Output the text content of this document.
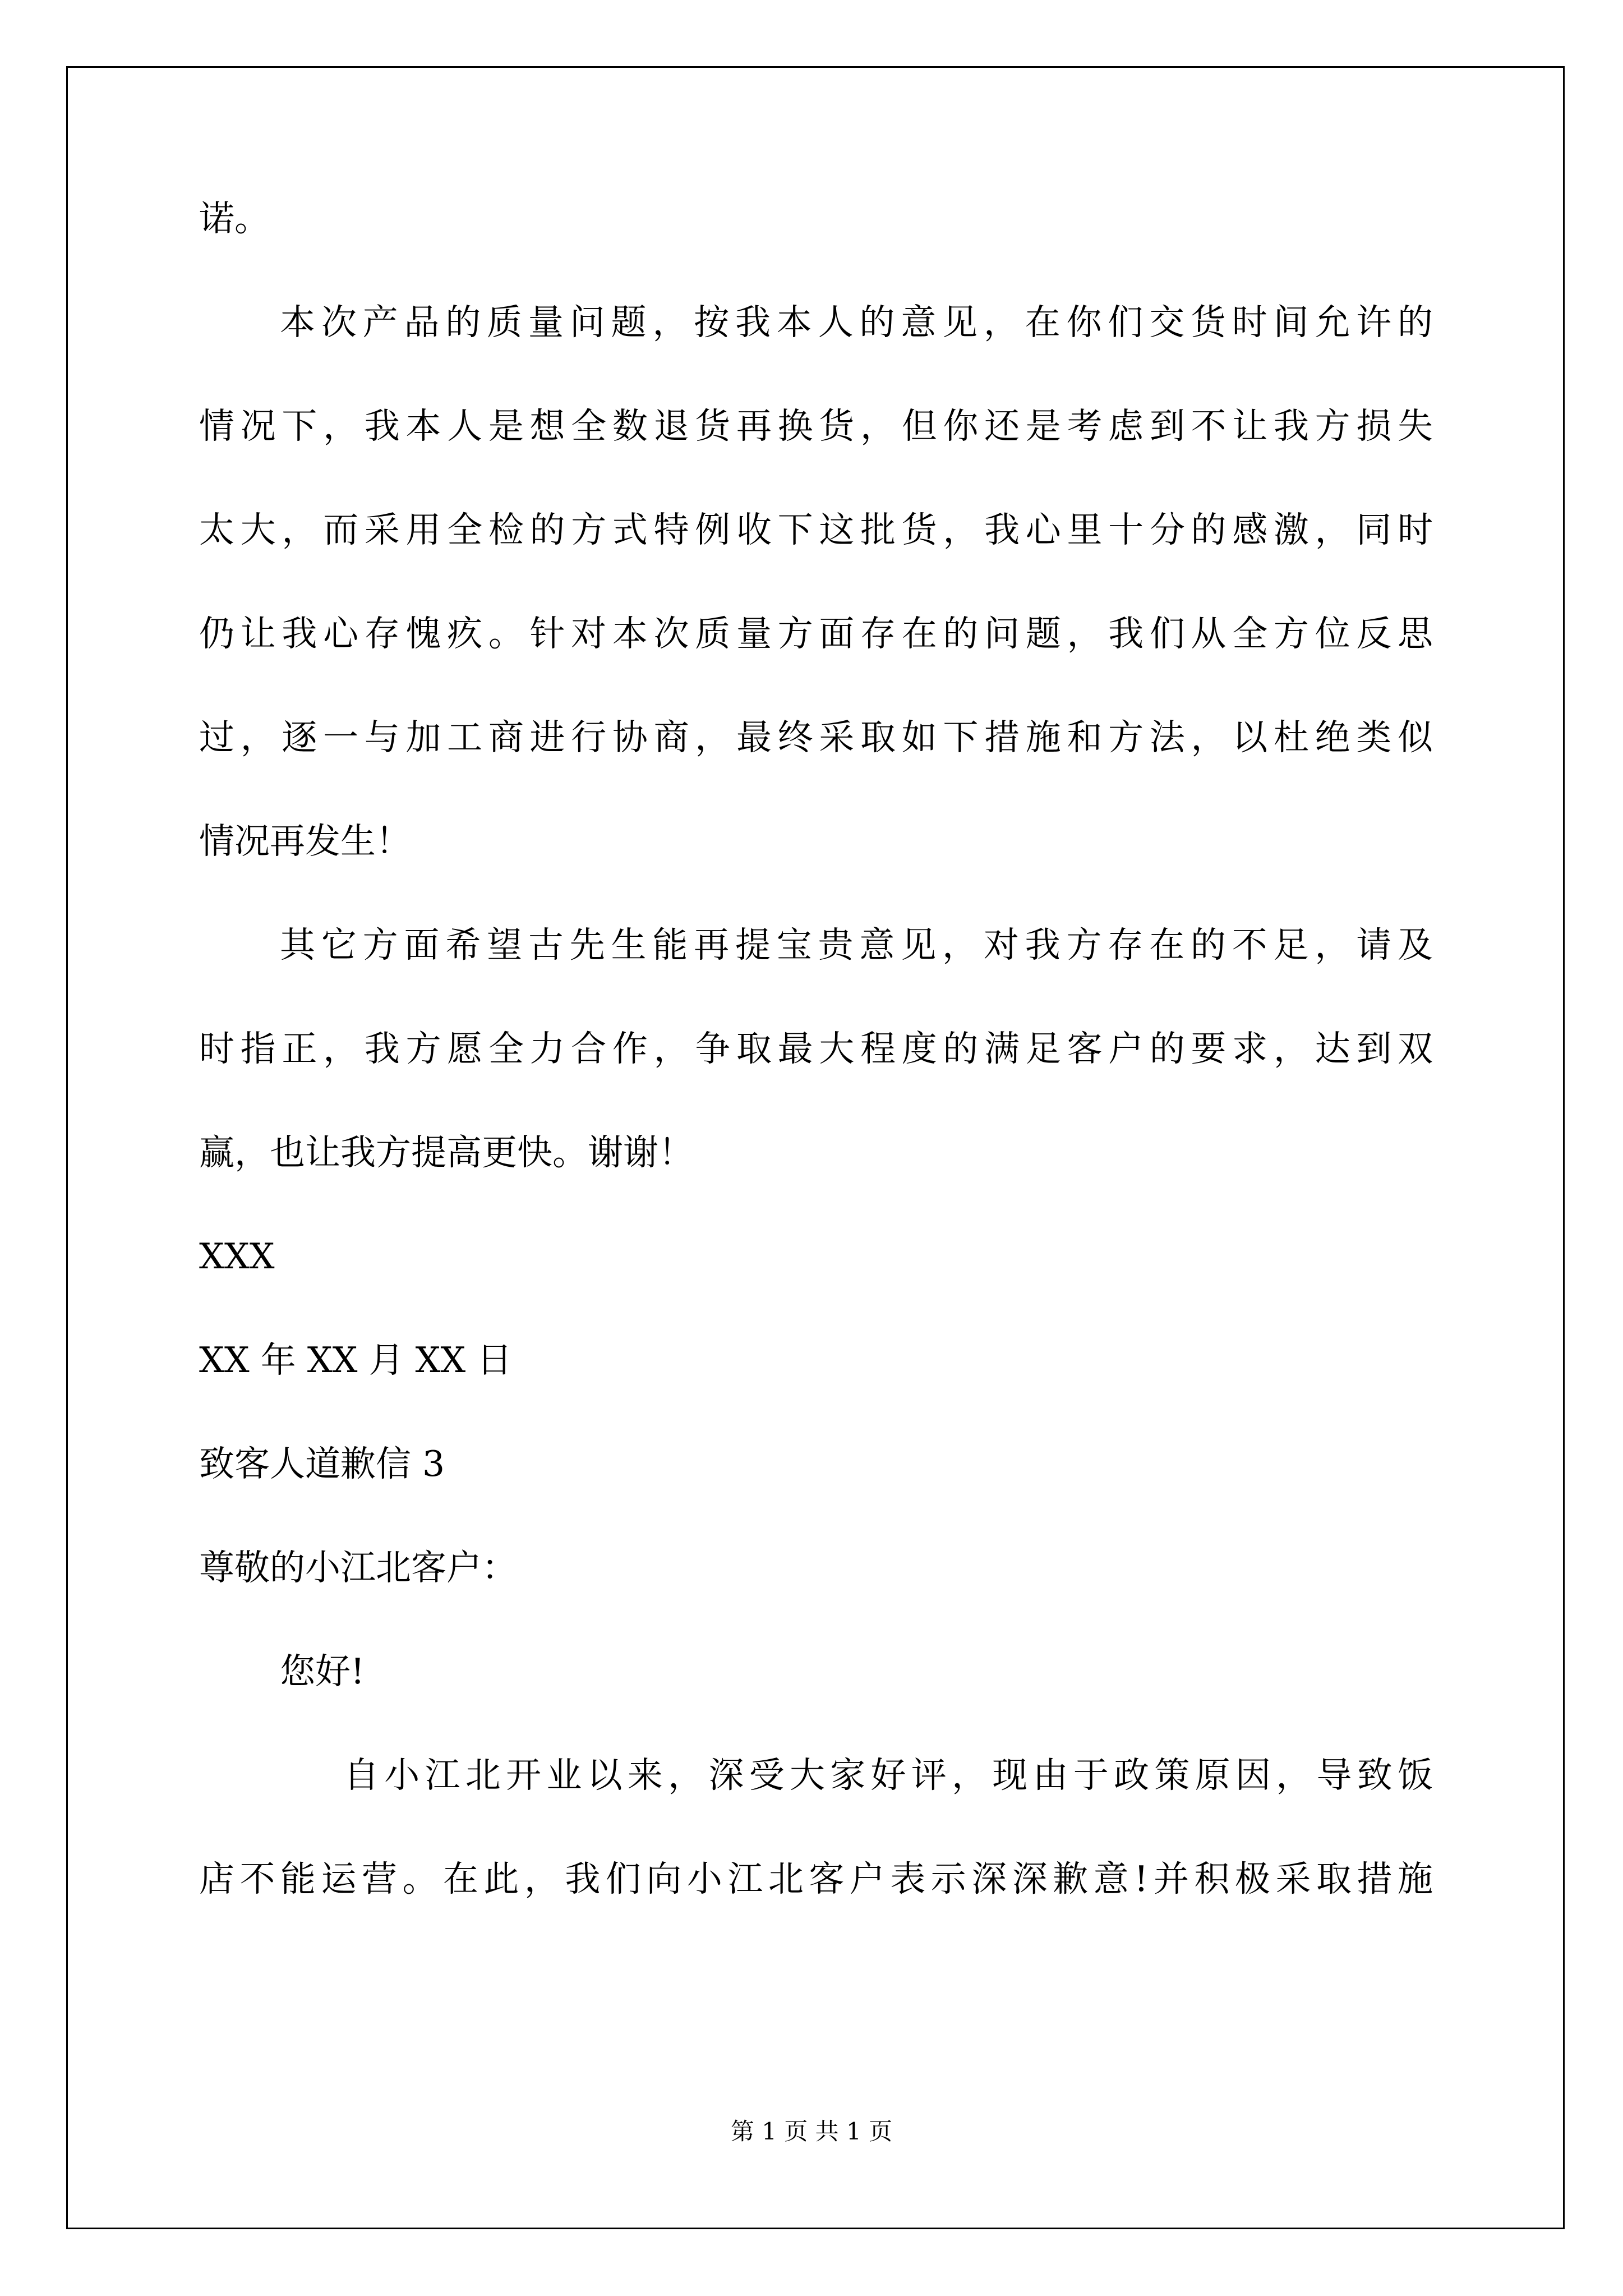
诺。
本次产品的质量问题，按我本人的意见，在你们交货时间允许的
情况下，我本人是想全数退货再换货，但你还是考虑到不让我方损失
太大，而采用全检的方式特例收下这批货，我心里十分的感激，同时
仍让我心存愧疚。针对本次质量方面存在的问题，我们从全方位反思
过，逐一与加工商进行协商，最终采取如下措施和方法，以杜绝类似
情况再发生！
其它方面希望古先生能再提宝贵意见，对我方存在的不足，请及
时指正，我方愿全力合作，争取最大程度的满足客户的要求，达到双
赢，也让我方提高更快。谢谢！
XXX
XX 年 XX 月 XX 日
致客人道歉信 3
尊敬的小江北客户：
您好!
自小江北开业以来，深受大家好评，现由于政策原因，导致饭
店不能运营。在此，我们向小江北客户表示深深歉意!并积极采取措施
第 1 页 共 1 页
